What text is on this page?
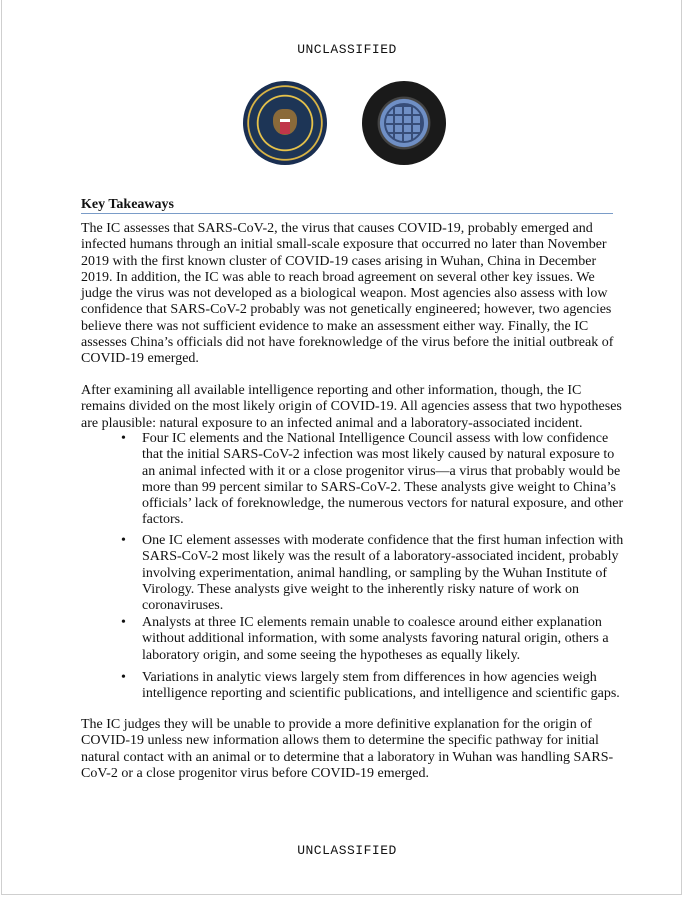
UNCLASSIFIED
Key Takeaways
The IC assesses that SARS-CoV-2, the virus that causes COVID-19, probably emerged and
infected humans through an initial small-scale exposure that occurred no later than November
2019 with the first known cluster of COVID-19 cases arising in Wuhan, China in December
2019. In addition, the IC was able to reach broad agreement on several other key issues. We
judge the virus was not developed as a biological weapon. Most agencies also assess with low
confidence that SARS-CoV-2 probably was not genetically engineered; however, two agencies
believe there was not sufficient evidence to make an assessment either way. Finally, the IC
assesses China’s officials did not have foreknowledge of the virus before the initial outbreak of
COVID-19 emerged.
After examining all available intelligence reporting and other information, though, the IC
remains divided on the most likely origin of COVID-19. All agencies assess that two hypotheses
are plausible: natural exposure to an infected animal and a laboratory-associated incident.
• Four IC elements and the National Intelligence Council assess with low confidence
that the initial SARS-CoV-2 infection was most likely caused by natural exposure to
an animal infected with it or a close progenitor virus—a virus that probably would be
more than 99 percent similar to SARS-CoV-2. These analysts give weight to China’s
officials’ lack of foreknowledge, the numerous vectors for natural exposure, and other
factors.
• One IC element assesses with moderate confidence that the first human infection with
SARS-CoV-2 most likely was the result of a laboratory-associated incident, probably
involving experimentation, animal handling, or sampling by the Wuhan Institute of
Virology. These analysts give weight to the inherently risky nature of work on
coronaviruses.
• Analysts at three IC elements remain unable to coalesce around either explanation
without additional information, with some analysts favoring natural origin, others a
laboratory origin, and some seeing the hypotheses as equally likely.
• Variations in analytic views largely stem from differences in how agencies weigh
intelligence reporting and scientific publications, and intelligence and scientific gaps.
The IC judges they will be unable to provide a more definitive explanation for the origin of
COVID-19 unless new information allows them to determine the specific pathway for initial
natural contact with an animal or to determine that a laboratory in Wuhan was handling SARS-
CoV-2 or a close progenitor virus before COVID-19 emerged.
UNCLASSIFIED
